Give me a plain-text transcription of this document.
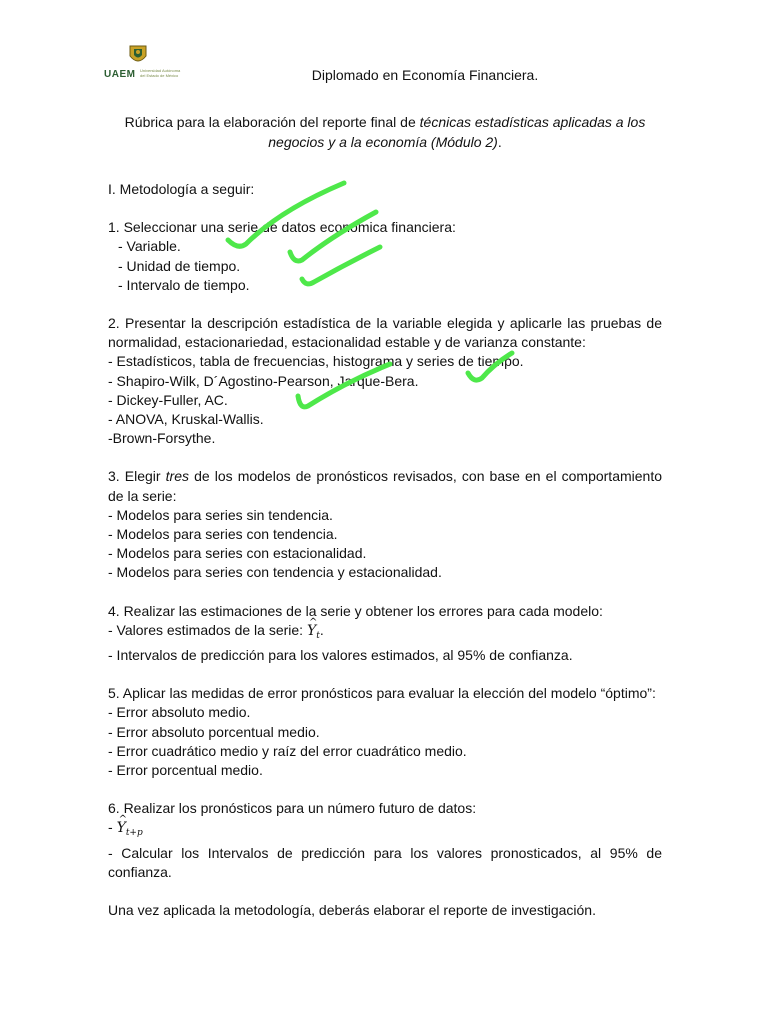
UAEM Universidad Autónoma del Estado de México	Diplomado en Economía Financiera.
Rúbrica para la elaboración del reporte final de técnicas estadísticas aplicadas a los negocios y a la economía (Módulo 2).

I. Metodología a seguir:

1. Seleccionar una serie de datos económica financiera:

- Variable.

- Unidad de tiempo.

- Intervalo de tiempo.

2. Presentar la descripción estadística de la variable elegida y aplicarle las pruebas de normalidad, estacionariedad, estacionalidad estable y de varianza constante:

- Estadísticos, tabla de frecuencias, histograma y series de tiempo.

- Shapiro-Wilk, D´Agostino-Pearson, Jarque-Bera.

- Dickey-Fuller, AC.

- ANOVA, Kruskal-Wallis.

-Brown-Forsythe.

3. Elegir tres de los modelos de pronósticos revisados, con base en el comportamiento de la serie:

- Modelos para series sin tendencia.

- Modelos para series con tendencia.

- Modelos para series con estacionalidad.

- Modelos para series con tendencia y estacionalidad.

4. Realizar las estimaciones de la serie y obtener los errores para cada modelo:

- Valores estimados de la serie: ^ $Y_t$.

- Intervalos de predicción para los valores estimados, al 95% de confianza.

5. Aplicar las medidas de error pronósticos para evaluar la elección del modelo “óptimo”:

- Error absoluto medio.

- Error absoluto porcentual medio.

- Error cuadrático medio y raíz del error cuadrático medio.

- Error porcentual medio.

6. Realizar los pronósticos para un número futuro de datos:

- ^ $Y_{t+p}$

- Calcular los Intervalos de predicción para los valores pronosticados, al 95% de confianza.

Una vez aplicada la metodología, deberás elaborar el reporte de investigación.
